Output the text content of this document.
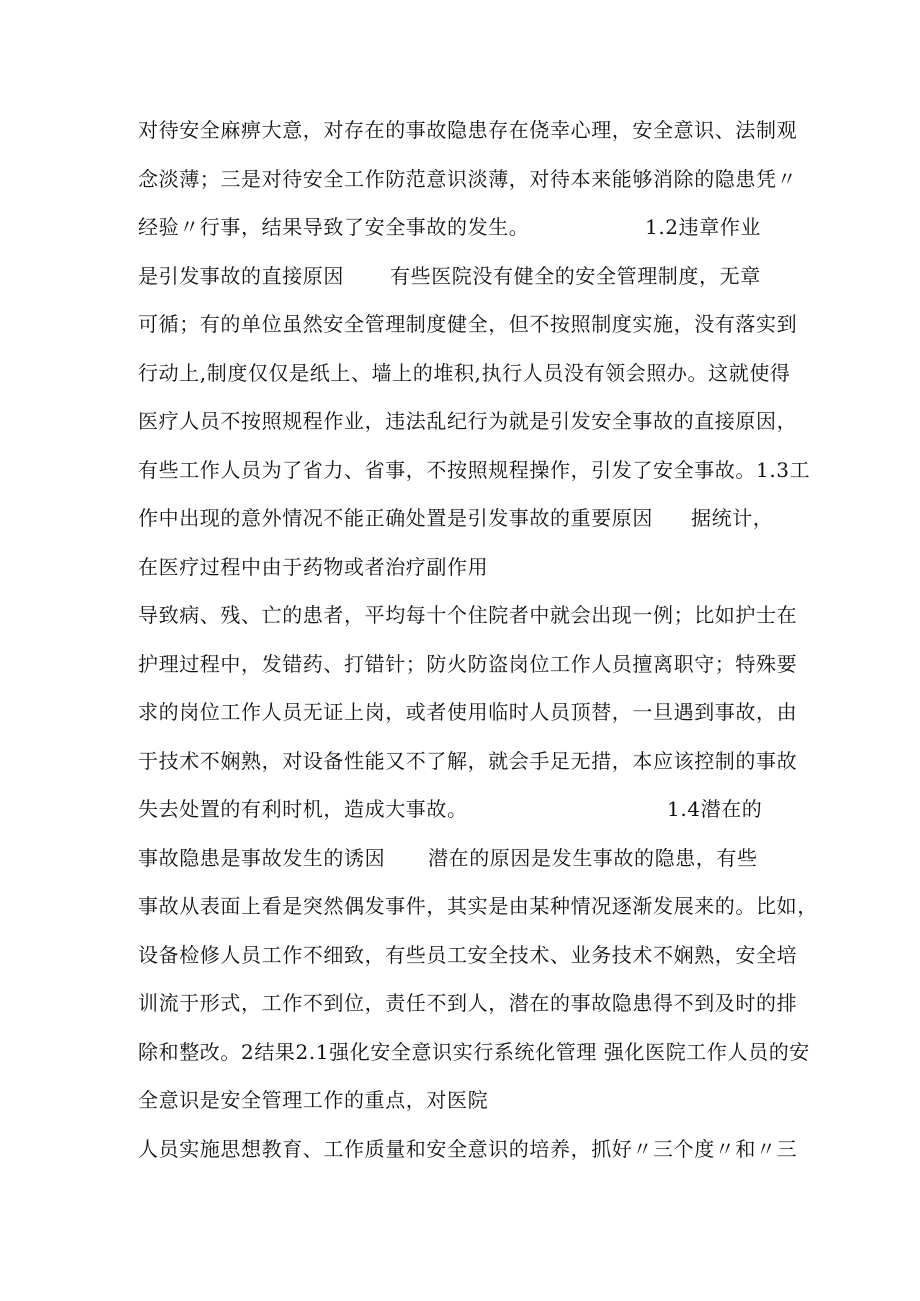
对待安全麻痹大意，对存在的事故隐患存在侥幸心理，安全意识、法制观
念淡薄；三是对待安全工作防范意识淡薄，对待本来能够消除的隐患凭〃
经验〃行事，结果导致了安全事故的发生。	1.2违章作业
是引发事故的直接原因 有些医院没有健全的安全管理制度，无章
可循；有的单位虽然安全管理制度健全，但不按照制度实施，没有落实到
行动上,制度仅仅是纸上、墙上的堆积,执行人员没有领会照办。这就使得
医疗人员不按照规程作业，违法乱纪行为就是引发安全事故的直接原因，
有些工作人员为了省力、省事，不按照规程操作，引发了安全事故。1.3工
作中出现的意外情况不能正确处置是引发事故的重要原因 据统计，
在医疗过程中由于药物或者治疗副作用
导致病、残、亡的患者，平均每十个住院者中就会出现一例；比如护士在
护理过程中，发错药、打错针；防火防盗岗位工作人员擅离职守；特殊要
求的岗位工作人员无证上岗，或者使用临时人员顶替，一旦遇到事故，由
于技术不娴熟，对设备性能又不了解，就会手足无措，本应该控制的事故
失去处置的有利时机，造成大事故。	1.4潜在的
事故隐患是事故发生的诱因 潜在的原因是发生事故的隐患，有些
事故从表面上看是突然偶发事件，其实是由某种情况逐渐发展来的。比如，
设备检修人员工作不细致，有些员工安全技术、业务技术不娴熟，安全培
训流于形式，工作不到位，责任不到人，潜在的事故隐患得不到及时的排
除和整改。2结果2.1强化安全意识实行系统化管理 强化医院工作人员的安
全意识是安全管理工作的重点，对医院
人员实施思想教育、工作质量和安全意识的培养，抓好〃三个度〃和〃三
